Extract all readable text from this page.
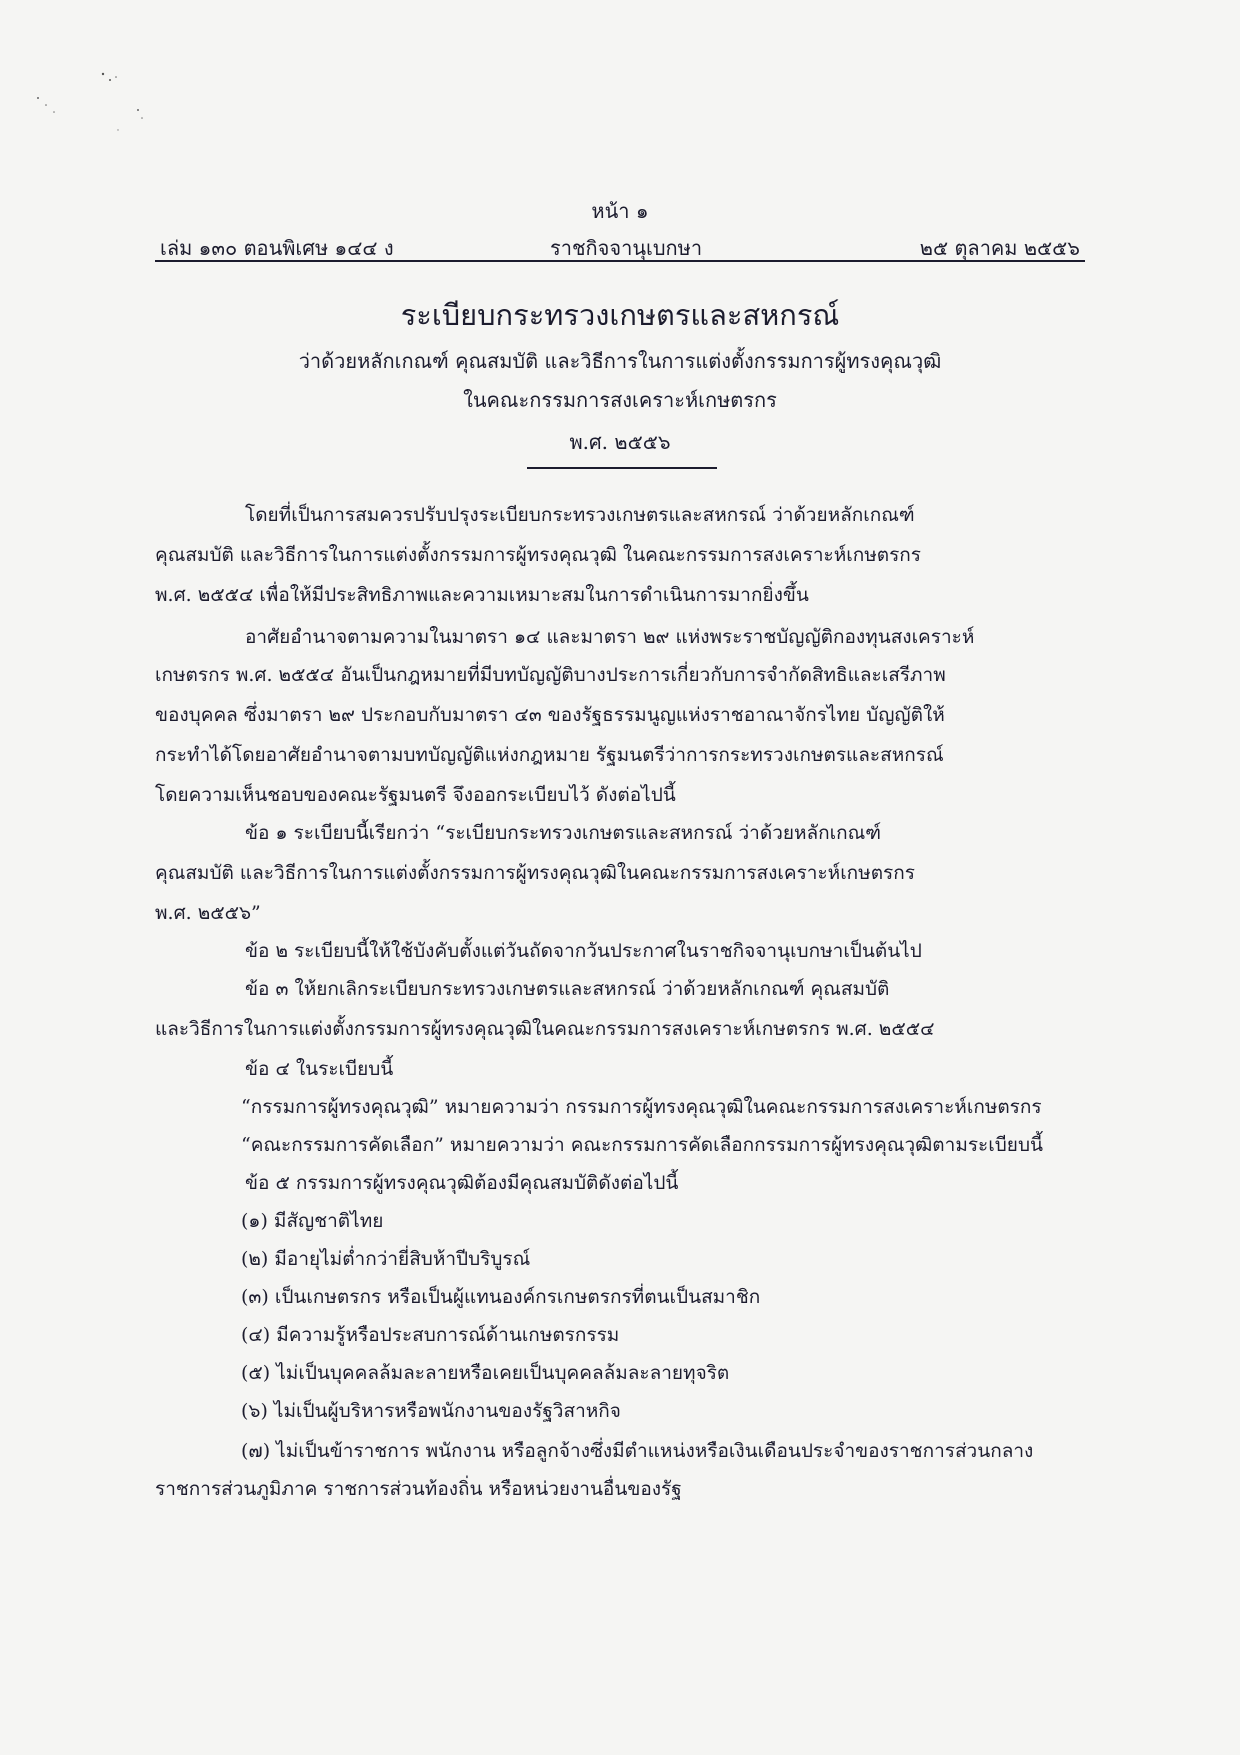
หน้า ๑
เล่ม ๑๓๐ ตอนพิเศษ ๑๔๔ ง	ราชกิจจานุเบกษา	๒๕ ตุลาคม ๒๕๕๖
ระเบียบกระทรวงเกษตรและสหกรณ์
ว่าด้วยหลักเกณฑ์ คุณสมบัติ และวิธีการในการแต่งตั้งกรรมการผู้ทรงคุณวุฒิ
ในคณะกรรมการสงเคราะห์เกษตรกร
พ.ศ. ๒๕๕๖
โดยที่เป็นการสมควรปรับปรุงระเบียบกระทรวงเกษตรและสหกรณ์ ว่าด้วยหลักเกณฑ์
คุณสมบัติ และวิธีการในการแต่งตั้งกรรมการผู้ทรงคุณวุฒิ ในคณะกรรมการสงเคราะห์เกษตรกร
พ.ศ. ๒๕๕๔ เพื่อให้มีประสิทธิภาพและความเหมาะสมในการดำเนินการมากยิ่งขึ้น
อาศัยอำนาจตามความในมาตรา ๑๔ และมาตรา ๒๙ แห่งพระราชบัญญัติกองทุนสงเคราะห์
เกษตรกร พ.ศ. ๒๕๕๔ อันเป็นกฎหมายที่มีบทบัญญัติบางประการเกี่ยวกับการจำกัดสิทธิและเสรีภาพ
ของบุคคล ซึ่งมาตรา ๒๙ ประกอบกับมาตรา ๔๓ ของรัฐธรรมนูญแห่งราชอาณาจักรไทย บัญญัติให้
กระทำได้โดยอาศัยอำนาจตามบทบัญญัติแห่งกฎหมาย รัฐมนตรีว่าการกระทรวงเกษตรและสหกรณ์
โดยความเห็นชอบของคณะรัฐมนตรี จึงออกระเบียบไว้ ดังต่อไปนี้
ข้อ ๑ ระเบียบนี้เรียกว่า “ระเบียบกระทรวงเกษตรและสหกรณ์ ว่าด้วยหลักเกณฑ์
คุณสมบัติ และวิธีการในการแต่งตั้งกรรมการผู้ทรงคุณวุฒิในคณะกรรมการสงเคราะห์เกษตรกร
พ.ศ. ๒๕๕๖”
ข้อ ๒ ระเบียบนี้ให้ใช้บังคับตั้งแต่วันถัดจากวันประกาศในราชกิจจานุเบกษาเป็นต้นไป
ข้อ ๓ ให้ยกเลิกระเบียบกระทรวงเกษตรและสหกรณ์ ว่าด้วยหลักเกณฑ์ คุณสมบัติ
และวิธีการในการแต่งตั้งกรรมการผู้ทรงคุณวุฒิในคณะกรรมการสงเคราะห์เกษตรกร พ.ศ. ๒๕๕๔
ข้อ ๔ ในระเบียบนี้
“กรรมการผู้ทรงคุณวุฒิ” หมายความว่า กรรมการผู้ทรงคุณวุฒิในคณะกรรมการสงเคราะห์เกษตรกร
“คณะกรรมการคัดเลือก” หมายความว่า คณะกรรมการคัดเลือกกรรมการผู้ทรงคุณวุฒิตามระเบียบนี้
ข้อ ๕ กรรมการผู้ทรงคุณวุฒิต้องมีคุณสมบัติดังต่อไปนี้
(๑) มีสัญชาติไทย
(๒) มีอายุไม่ต่ำกว่ายี่สิบห้าปีบริบูรณ์
(๓) เป็นเกษตรกร หรือเป็นผู้แทนองค์กรเกษตรกรที่ตนเป็นสมาชิก
(๔) มีความรู้หรือประสบการณ์ด้านเกษตรกรรม
(๕) ไม่เป็นบุคคลล้มละลายหรือเคยเป็นบุคคลล้มละลายทุจริต
(๖) ไม่เป็นผู้บริหารหรือพนักงานของรัฐวิสาหกิจ
(๗) ไม่เป็นข้าราชการ พนักงาน หรือลูกจ้างซึ่งมีตำแหน่งหรือเงินเดือนประจำของราชการส่วนกลาง
ราชการส่วนภูมิภาค ราชการส่วนท้องถิ่น หรือหน่วยงานอื่นของรัฐ
